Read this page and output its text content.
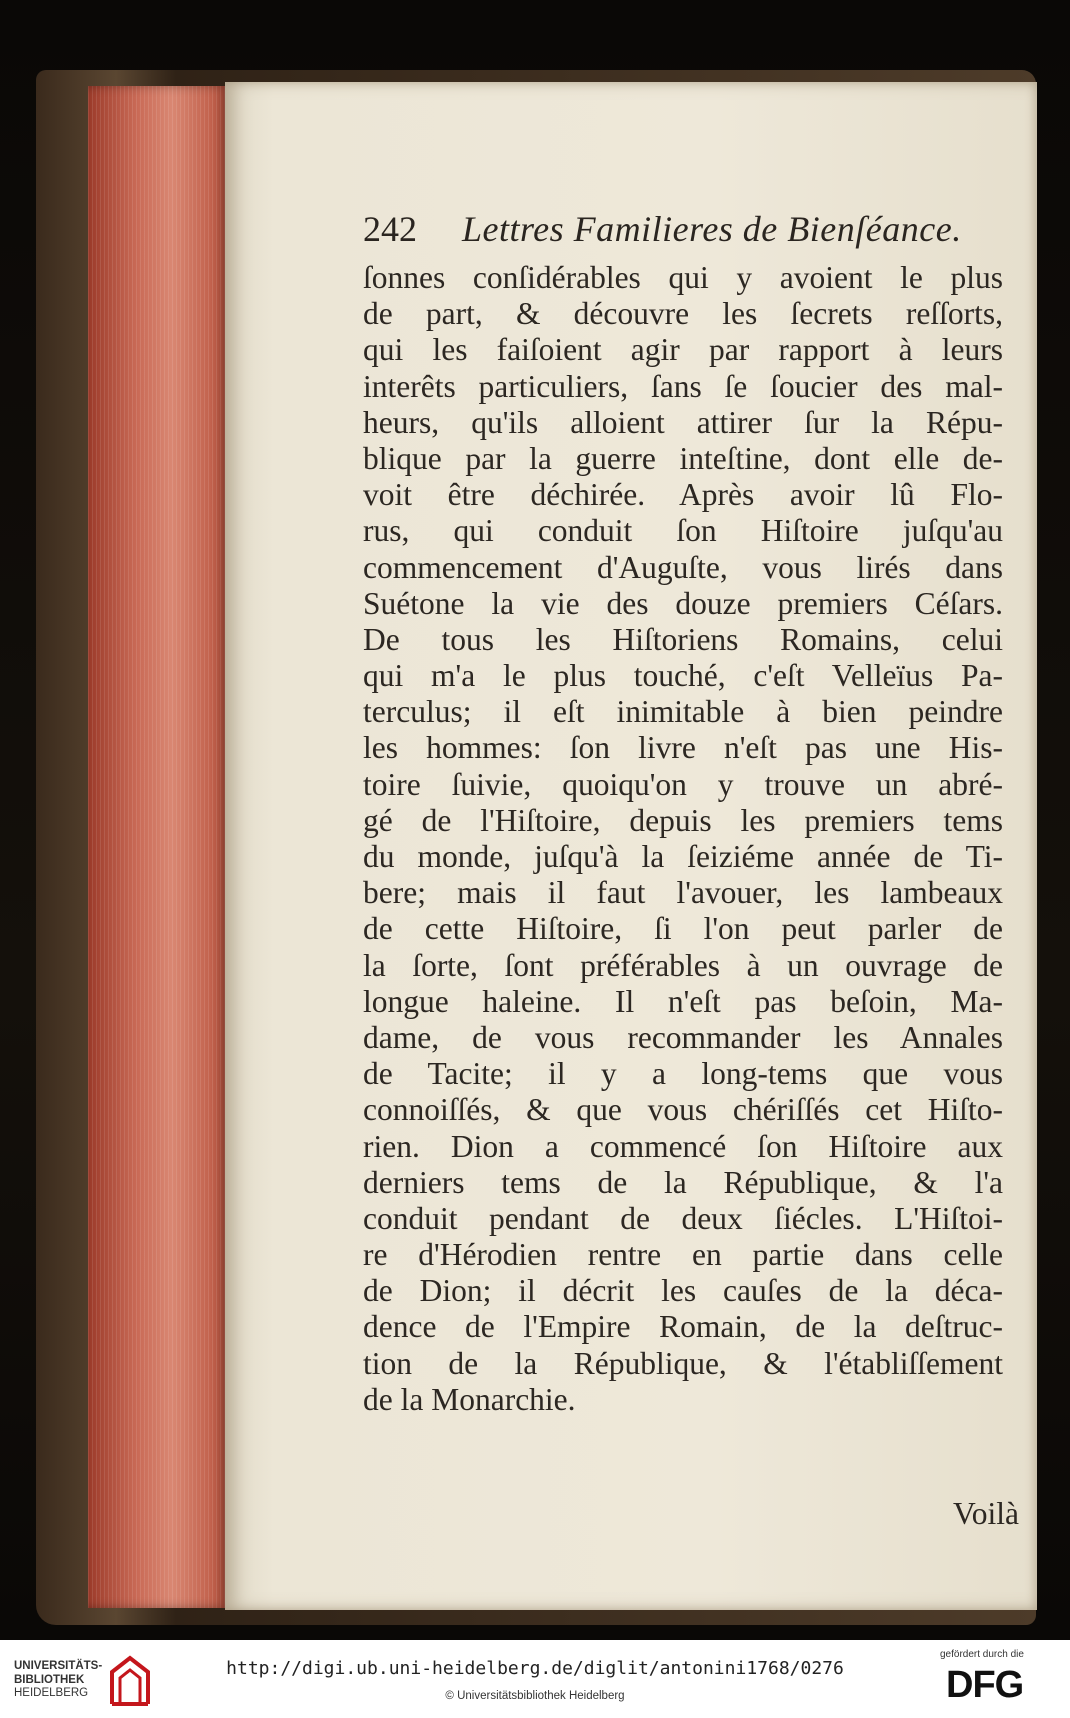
242 Lettres Familieres de Bienſéance.
ſonnes conſidérables qui y avoient le plus
de part, & découvre les ſecrets reſſorts,
qui les faiſoient agir par rapport à leurs
interêts particuliers, ſans ſe ſoucier des mal-
heurs, qu'ils alloient attirer ſur la Répu-
blique par la guerre inteſtine, dont elle de-
voit être déchirée. Après avoir lû Flo-
rus, qui conduit ſon Hiſtoire juſqu'au
commencement d'Auguſte, vous lirés dans
Suétone la vie des douze premiers Céſars.
De tous les Hiſtoriens Romains, celui
qui m'a le plus touché, c'eſt Velleïus Pa-
terculus; il eſt inimitable à bien peindre
les hommes: ſon livre n'eſt pas une His-
toire ſuivie, quoiqu'on y trouve un abré-
gé de l'Hiſtoire, depuis les premiers tems
du monde, juſqu'à la ſeiziéme année de Ti-
bere; mais il faut l'avouer, les lambeaux
de cette Hiſtoire, ſi l'on peut parler de
la ſorte, ſont préférables à un ouvrage de
longue haleine. Il n'eſt pas beſoin, Ma-
dame, de vous recommander les Annales
de Tacite; il y a long-tems que vous
connoiſſés, & que vous chériſſés cet Hiſto-
rien. Dion a commencé ſon Hiſtoire aux
derniers tems de la République, & l'a
conduit pendant de deux ſiécles. L'Hiſtoi-
re d'Hérodien rentre en partie dans celle
de Dion; il décrit les cauſes de la déca-
dence de l'Empire Romain, de la deſtruc-
tion de la République, & l'établiſſement
de la Monarchie.
Voilà
UNIVERSITÄTS-
BIBLIOTHEK
HEIDELBERG
http://digi.ub.uni-heidelberg.de/diglit/antonini1768/0276
© Universitätsbibliothek Heidelberg
gefördert durch die
DFG
